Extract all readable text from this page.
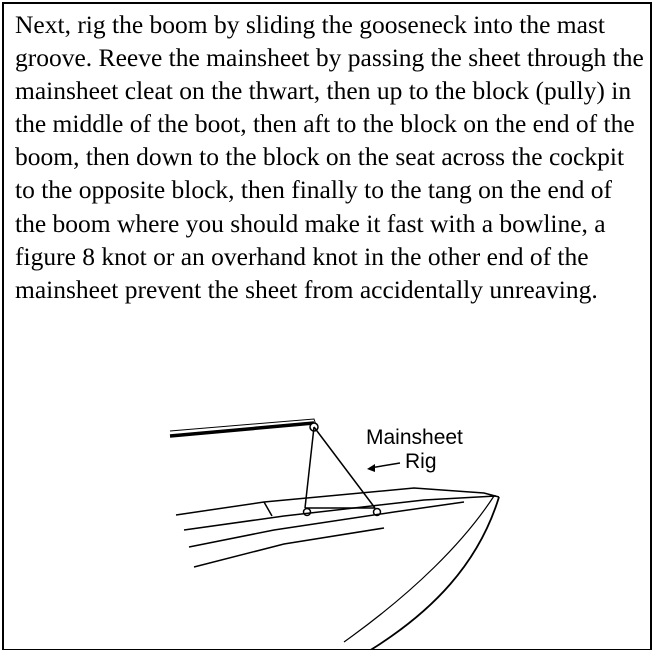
Next, rig the boom by sliding the gooseneck into the mast groove. Reeve the mainsheet by passing the sheet through the mainsheet cleat on the thwart, then up to the block (pully) in the middle of the boot, then aft to the block on the end of the boom, then down to the block on the seat across the cockpit to the opposite block, then finally to the tang on the end of the boom where you should make it fast with a bowline, a figure 8 knot or an overhand knot in the other end of the mainsheet prevent the sheet from accidentally unreaving.

Mainsheet
Rig
